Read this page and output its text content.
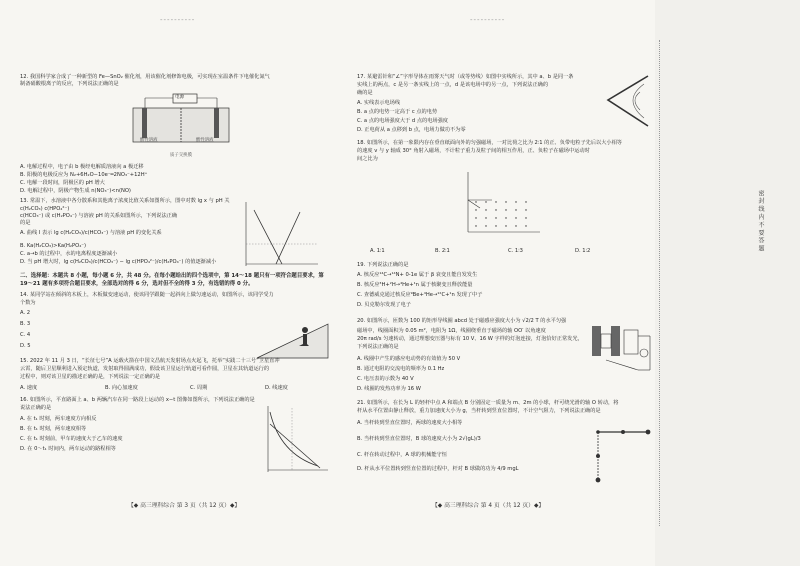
----------	----------
12. 我国科学家合成了一种新型的 Fe—SnO₂ 催化剂，用该催化剂修饰电极，可实现在室温条件下电催化氮气
制备硝酸根离子的反应，下列说法正确的是
电源
酸性溶液	酸性溶液
质子交换膜
A. 电解过程中，电子由 b 极经电解质溶液向 a 极迁移
B. 阳极的电极反应为 N₂+6H₂O−10e⁻═2NO₃⁻+12H⁺
C. 电解一段时间，阴极区的 pH 增大
D. 电解过程中，阴极产物生成 n(NO₃⁻)<n(NO)
13. 常温下，水溶液中各分散系和其他离子浓度比值关系如图所示，图中对数 lg x 与 pH 关
c(H₂CO₃) c(HPO₄²⁻)
c(HCO₃⁻) 或 c(H₂PO₄⁻) 与溶液 pH 的关系如图所示，下列说法正确
的是
A. 曲线 I 表示 lg c(H₂CO₃)/c(HCO₃⁻) 与溶液 pH 的变化关系
B. Ka(H₂CO₃)>Ka(H₂PO₄⁻)
C. a→b 的过程中，水的电离程度逐渐减小
D. 当 pH 增大时，lg c(H₂CO₃)/c(HCO₃⁻) − lg c(HPO₄²⁻)/c(H₂PO₄⁻) 的值逐渐减小
二、选择题：本题共 8 小题，每小题 6 分，共 48 分。在每小题给出的四个选项中，第 14～18 题只有一项符合题目要求，第
19～21 题有多项符合题目要求，全部选对的得 6 分，选对但不全的得 3 分，有选错的得 0 分。
14. 某同学站在倾斜的木板上，木板做变速运动，使该同学跟随一起斜向上做匀速运动，如图所示，该同学受力
个数为
A. 2
B. 3
C. 4
D. 5
15. 2022 年 11 月 3 日，“长征七号”A 运载火箭在中国文昌航天发射场点火起飞，托举“实践二十三号”卫星直冲
云霄，随后卫星顺利进入预定轨道，发射取得圆满成功，假设该卫星运行轨道可看作圆，卫星在其轨道运行的
过程中，则对该卫星的描述正确的是，下列说法一定正确的是
A. 速度	B. 向心加速度	C. 周期	D. 线速度
16. 如图所示，平直路面上 a、b 两辆汽车在同一路段上运动的 x−t 图像如图所示，下列说法正确的是
说法正确的是
A. 在 t₁ 时刻，两车速度方向相反
B. 在 t₁ 时刻，两车速度相等
C. 在 t₁ 时刻前，甲车的速度大于乙车的速度
D. 在 0～t₁ 时间内，两车运动的路程相等
【◆ 高三理科综合 第 3 页（共 12 页）◆】
17. 某避雷针和“∠”字形导体在雨雾天气时（或等势线）如图中实线所示，其中 a、b 是同一条
实线上的两点，c 是另一条实线上的一点，d 是该电场中的另一点，下列说法正确的
确的是
A. 实线表示电场线
B. a 点的电势一定高于 c 点的电势
C. a 点的电场强度大于 d 点的电场强度
D. 正电荷从 a 点移到 b 点，电场力做功不为零
18. 如图所示，在第一象限内存在垂直纸面向外的匀强磁场，一对比荷之比为 2∶1 的正、负带电粒子先后以大小相等
的速度 v 与 y 轴成 30° 角射入磁场，不计粒子重力及粒子间的相互作用，正、负粒子在磁场中运动时
间之比为
A. 1∶1	B. 2∶1	C. 1∶3	D. 1∶2
19. 下列说法正确的是
A. 核反应¹⁴C→¹⁴N+ 0-1e 属于 β 衰变且能自发发生
B. 核反应³H+²H→⁴He+¹n 属于核聚变且释放能量
C. 查德威克通过核反应⁹Be+⁴He→¹²C+¹n 发现了中子
D. 贝克勒尔发现了电子
20. 如图所示，匝数为 100 的矩形导线圈 abcd 处于磁感应强度大小为 √2/2 T 的水平匀强
磁场中，线圈面积为 0.05 m²，电阻为 1Ω，线圈绕垂直于磁场的轴 OO′ 以角速度
20π rad/s 匀速转动，通过理想变压器与标有 10 V、16 W 字样的灯泡连接，灯泡恰好正常发光，
下列说法正确的是
A. 线圈中产生的感应电动势的有效值为 50 V
B. 通过电阻的交流电的频率为 0.1 Hz
C. 电压表的示数为 40 V
D. 线圈的发热功率为 16 W
21. 如图所示，在长为 L 的轻杆中点 A 和端点 B 分别固定一质量为 m、2m 的小球，杆可绕光滑的轴 O 转动，将
杆从水平位置由静止释放，重力加速度大小为 g，当杆转到竖直位置时，不计空气阻力，下列说法正确的是
A. 当杆转到竖直位置时，两球的速度大小相等
B. 当杆转到竖直位置时，B 球的速度大小为 2√(gL)/3
C. 杆在转动过程中，A 球的机械能守恒
D. 杆从水平位置转到竖直位置的过程中，杆对 B 球做的功为 4/9 mgL
【◆ 高三理科综合 第 4 页（共 12 页）◆】
密 封 线 内 不 要 答 题
